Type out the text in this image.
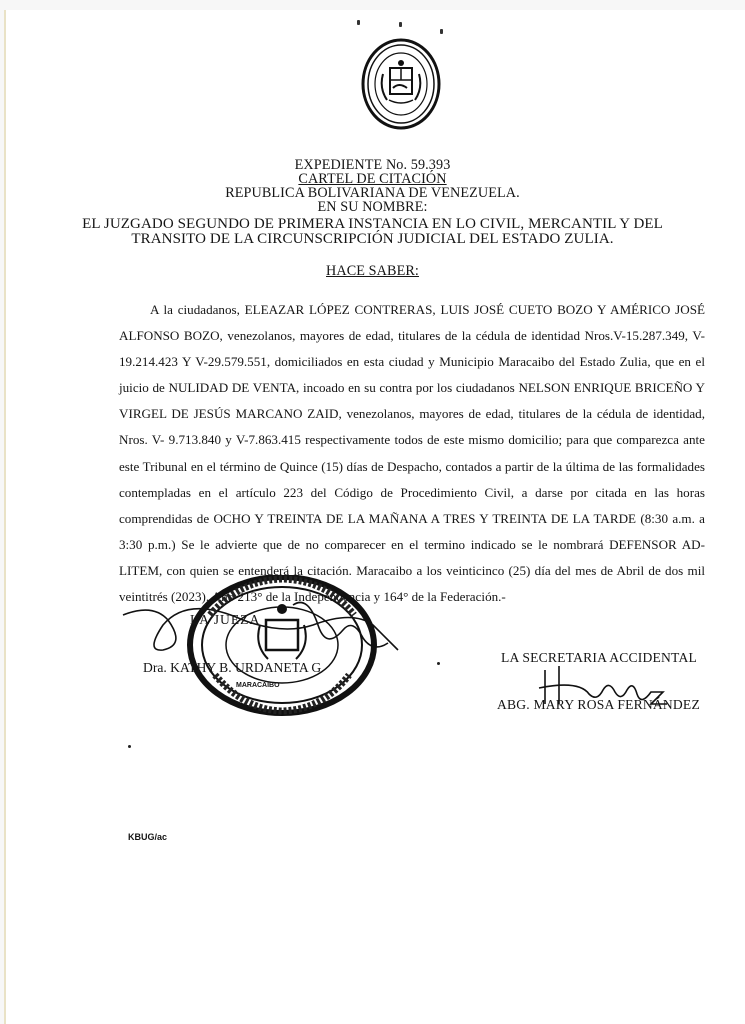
EXPEDIENTE No. 59.393
CARTEL DE CITACIÓN
REPUBLICA BOLIVARIANA DE VENEZUELA.
EN SU NOMBRE:
EL JUZGADO SEGUNDO DE PRIMERA INSTANCIA EN LO CIVIL, MERCANTIL Y DEL
TRANSITO DE LA CIRCUNSCRIPCIÓN JUDICIAL DEL ESTADO ZULIA.
HACE SABER:

A la ciudadanos, ELEAZAR LÓPEZ CONTRERAS, LUIS JOSÉ CUETO BOZO Y AMÉRICO JOSÉ ALFONSO BOZO, venezolanos, mayores de edad, titulares de la cédula de identidad Nros.V-15.287.349, V-19.214.423 Y V-29.579.551, domiciliados en esta ciudad y Municipio Maracaibo del Estado Zulia, que en el juicio de NULIDAD DE VENTA, incoado en su contra por los ciudadanos NELSON ENRIQUE BRICEÑO Y VIRGEL DE JESÚS MARCANO ZAID, venezolanos, mayores de edad, titulares de la cédula de identidad, Nros. V- 9.713.840 y V-7.863.415 respectivamente todos de este mismo domicilio; para que comparezca ante este Tribunal en el término de Quince (15) días de Despacho, contados a partir de la última de las formalidades contempladas en el artículo 223 del Código de Procedimiento Civil, a darse por citada en las horas comprendidas de OCHO Y TREINTA DE LA MAÑANA A TRES Y TREINTA DE LA TARDE (8:30 a.m. a 3:30 p.m.) Se le advierte que de no comparecer en el termino indicado se le nombrará DEFENSOR AD-LITEM, con quien se entenderá la citación. Maracaibo a los veinticinco (25) día del mes de Abril de dos mil veintitrés (2023). Año 213° de la Independencia y 164° de la Federación.-

LA JUEZA
Dra. KATHY B. URDANETA G
MARACAIBO
LA SECRETARIA ACCIDENTAL
ABG. MARY ROSA FERNÁNDEZ
KBUG/ac
